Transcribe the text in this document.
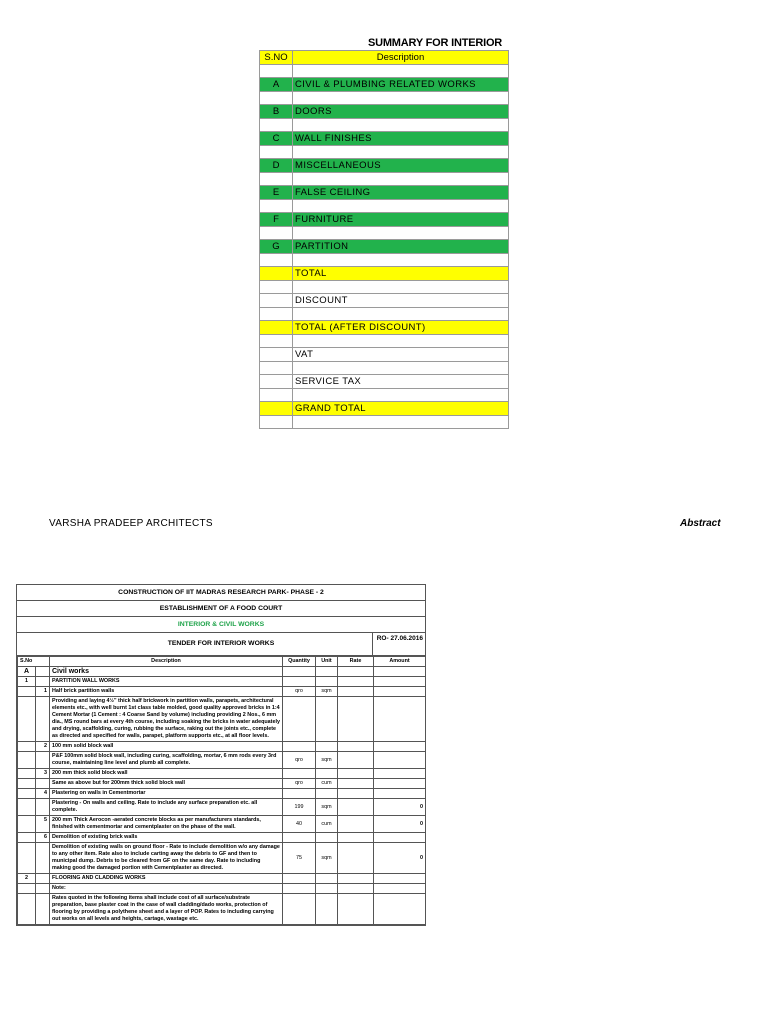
SUMMARY FOR INTERIOR
S.NO	Description

A	CIVIL & PLUMBING RELATED WORKS

B	DOORS

C	WALL FINISHES

D	MISCELLANEOUS

E	FALSE CEILING

F	FURNITURE

G	PARTITION

	TOTAL

	DISCOUNT

	TOTAL (AFTER DISCOUNT)

	VAT

	SERVICE TAX

	GRAND TOTAL

VARSHA PRADEEP ARCHITECTS	Abstract
CONSTRUCTION OF IIT MADRAS RESEARCH PARK- PHASE - 2
ESTABLISHMENT OF A FOOD COURT
INTERIOR & CIVIL WORKS
TENDER FOR INTERIOR WORKS
RO- 27.06.2016
S.No		Description	Quantity	Unit	Rate	Amount
A		Civil works				
1		PARTITION WALL WORKS				
	1	Half brick partition walls	qro	sqm		
		Providing and laying 4½" thick half brickwork in partition walls, parapets, architectural elements etc., with well burnt 1st class table molded, good quality approved bricks in 1:4 Cement Mortar (1 Cement : 4 Coarse Sand by volume) including providing 2 Nos., 6 mm dia., MS round bars at every 4th course, including soaking the bricks in water adequately and drying, scaffolding, curing, rubbing the surface, raking out the joints etc., complete as directed and specified for walls, parapet, platform supports etc., at all floor levels.				
	2	100 mm solid block wall				
		P&F 100mm solid block wall, including curing, scaffolding, mortar, 6 mm rods every 3rd course, maintaining line level and plumb all complete.	qro	sqm		
	3	200 mm thick solid block wall				
		Same as above but for 200mm thick solid block wall	qro	cum		
	4	Plastering on walls in Cementmortar				
		Plastering - On walls and ceiling. Rate to include any surface preparation etc. all complete.	199	sqm		0
	5	200 mm Thick Aerocon -aerated concrete blocks as per manufacturers standards, finished with cementmortar and cementplaster on the phase of the wall.	40	cum		0
	6	Demolition of existing brick walls				
		Demolition of existing walls on ground floor - Rate to include demolition w/o any damage to any other item. Rate also to include carting away the debris to GF and then to municipal dump. Debris to be cleared from GF on the same day. Rate to including making good the damaged portion with Cementplaster as directed.	75	sqm		0
2		FLOORING AND CLADDING WORKS				
		Note:				
		Rates quoted in the following items shall include cost of all surface/substrate preparation, base plaster coat in the case of wall cladding/dado works, protection of flooring by providing a polythene sheet and a layer of POP. Rates to including carrying out works on all levels and heights, cartage, wastage etc.				
